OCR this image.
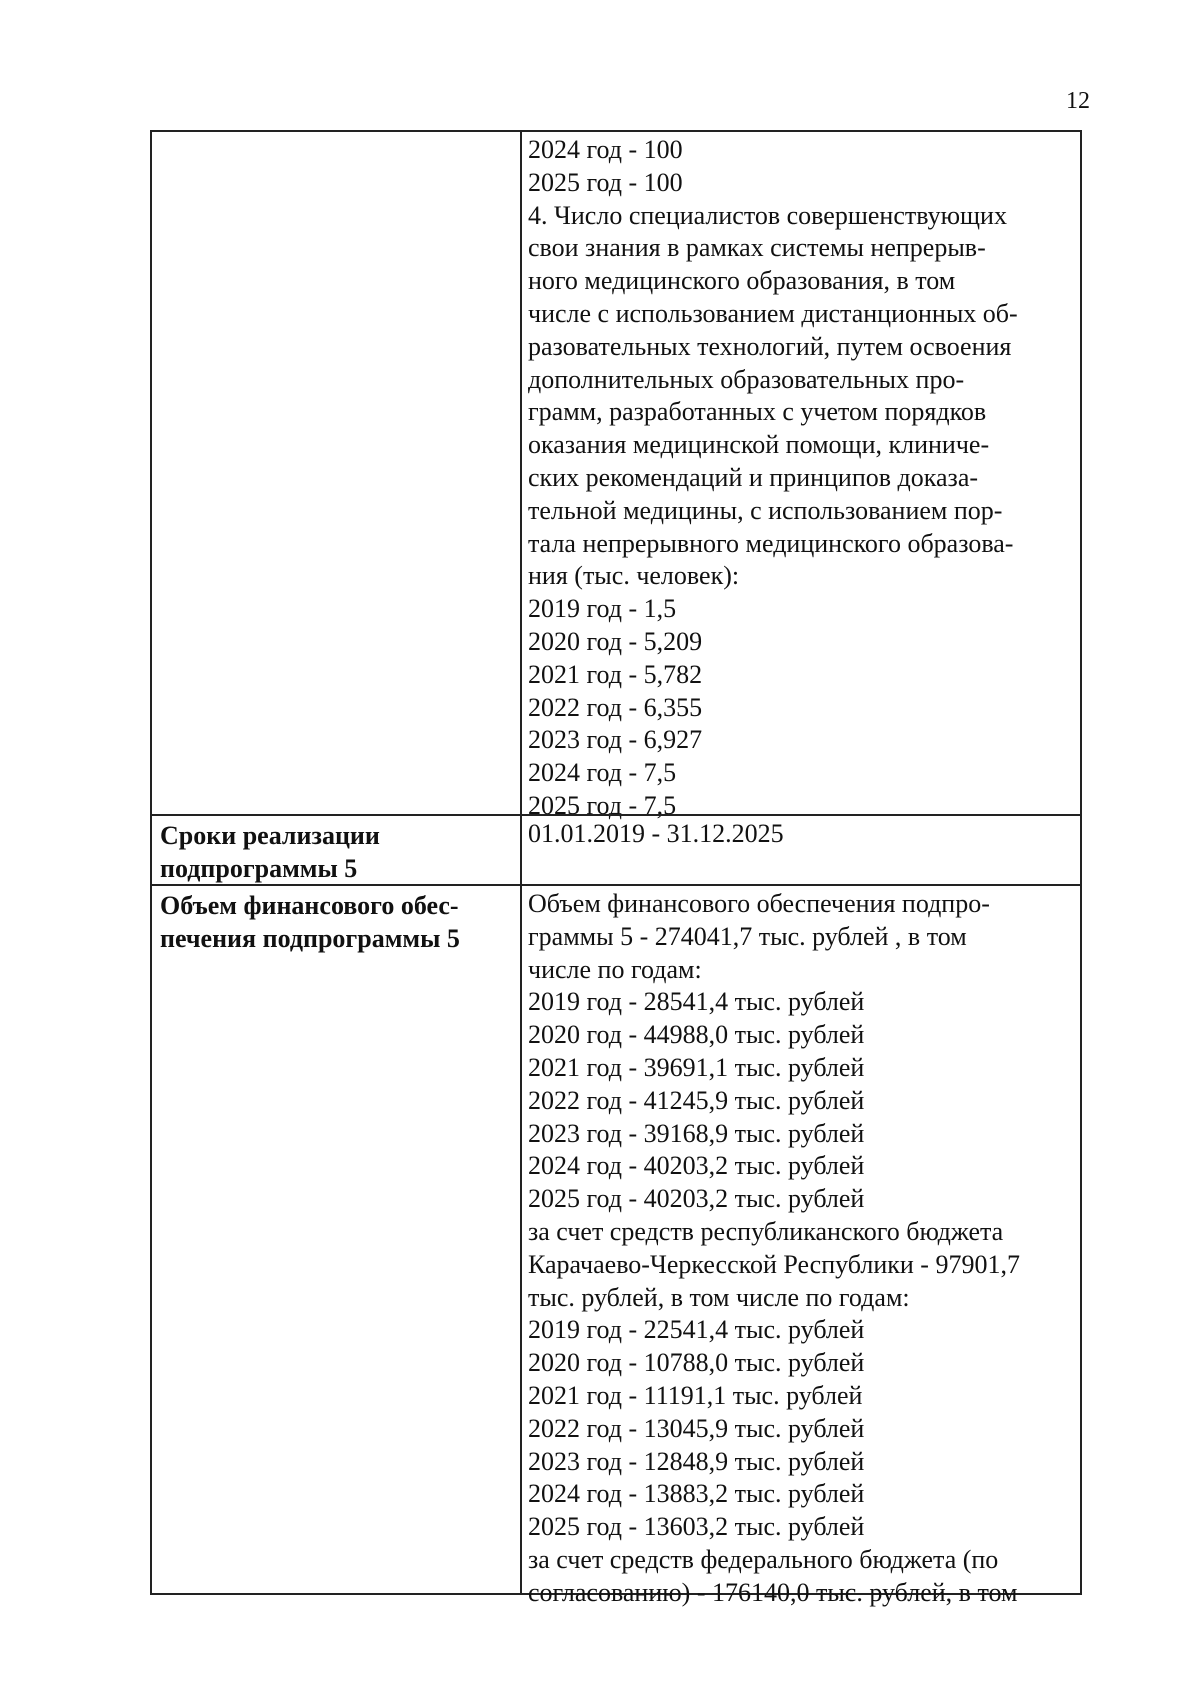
12
2024 год - 100
2025 год - 100
4. Число специалистов совершенствующих
свои знания в рамках системы непрерыв-
ного медицинского образования, в том
числе с использованием дистанционных об-
разовательных технологий, путем освоения
дополнительных образовательных про-
грамм, разработанных с учетом порядков
оказания медицинской помощи, клиниче-
ских рекомендаций и принципов доказа-
тельной медицины, с использованием пор-
тала непрерывного медицинского образова-
ния (тыс. человек):
2019 год - 1,5
2020 год - 5,209
2021 год - 5,782
2022 год - 6,355
2023 год - 6,927
2024 год - 7,5
2025 год - 7,5
Сроки реализации
подпрограммы 5
01.01.2019 - 31.12.2025
Объем финансового обес-
печения подпрограммы 5
Объем финансового обеспечения подпро-
граммы 5 - 274041,7 тыс. рублей , в том
числе по годам:
2019 год - 28541,4 тыс. рублей
2020 год - 44988,0 тыс. рублей
2021 год - 39691,1 тыс. рублей
2022 год - 41245,9 тыс. рублей
2023 год - 39168,9 тыс. рублей
2024 год - 40203,2 тыс. рублей
2025 год - 40203,2 тыс. рублей
за счет средств республиканского бюджета
Карачаево-Черкесской Республики - 97901,7
тыс. рублей, в том числе по годам:
2019 год - 22541,4 тыс. рублей
2020 год - 10788,0 тыс. рублей
2021 год - 11191,1 тыс. рублей
2022 год - 13045,9 тыс. рублей
2023 год - 12848,9 тыс. рублей
2024 год - 13883,2 тыс. рублей
2025 год - 13603,2 тыс. рублей
за счет средств федерального бюджета (по
согласованию) - 176140,0 тыс. рублей, в том
